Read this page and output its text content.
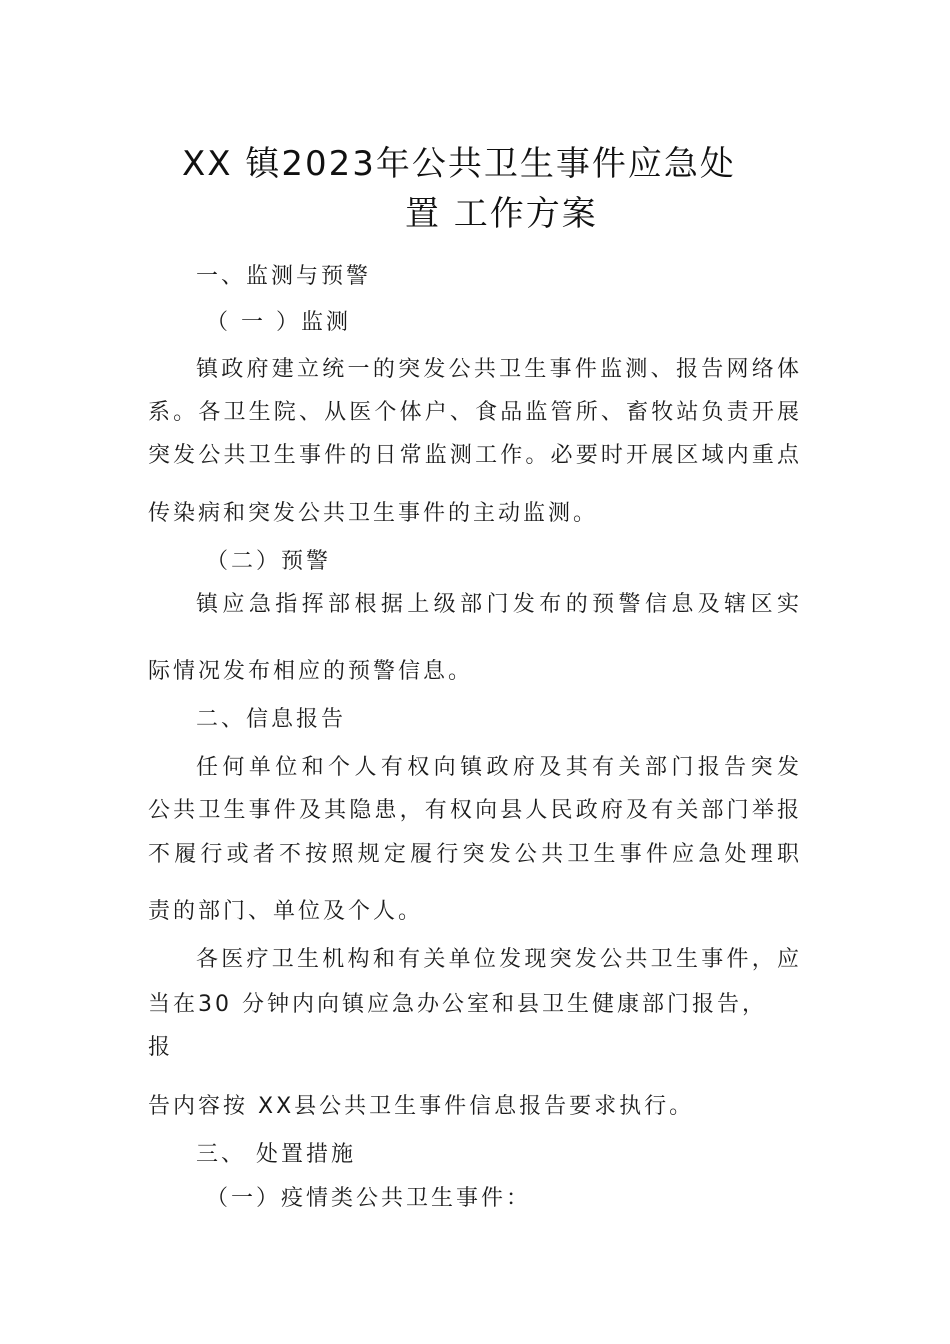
XX 镇2023年公共卫生事件应急处
置 工作方案
一、监测与预警
（ 一 ）监测
镇政府建立统一的突发公共卫生事件监测、报告网络体
系。各卫生院、从医个体户、食品监管所、畜牧站负责开展
突发公共卫生事件的日常监测工作。必要时开展区域内重点
传染病和突发公共卫生事件的主动监测。
（二）预警
镇应急指挥部根据上级部门发布的预警信息及辖区实
际情况发布相应的预警信息。
二、信息报告
任何单位和个人有权向镇政府及其有关部门报告突发
公共卫生事件及其隐患，有权向县人民政府及有关部门举报
不履行或者不按照规定履行突发公共卫生事件应急处理职
责的部门、单位及个人。
各医疗卫生机构和有关单位发现突发公共卫生事件，应
当在30 分钟内向镇应急办公室和县卫生健康部门报告，
报
告内容按 XX县公共卫生事件信息报告要求执行。
三、 处置措施
（一）疫情类公共卫生事件：
